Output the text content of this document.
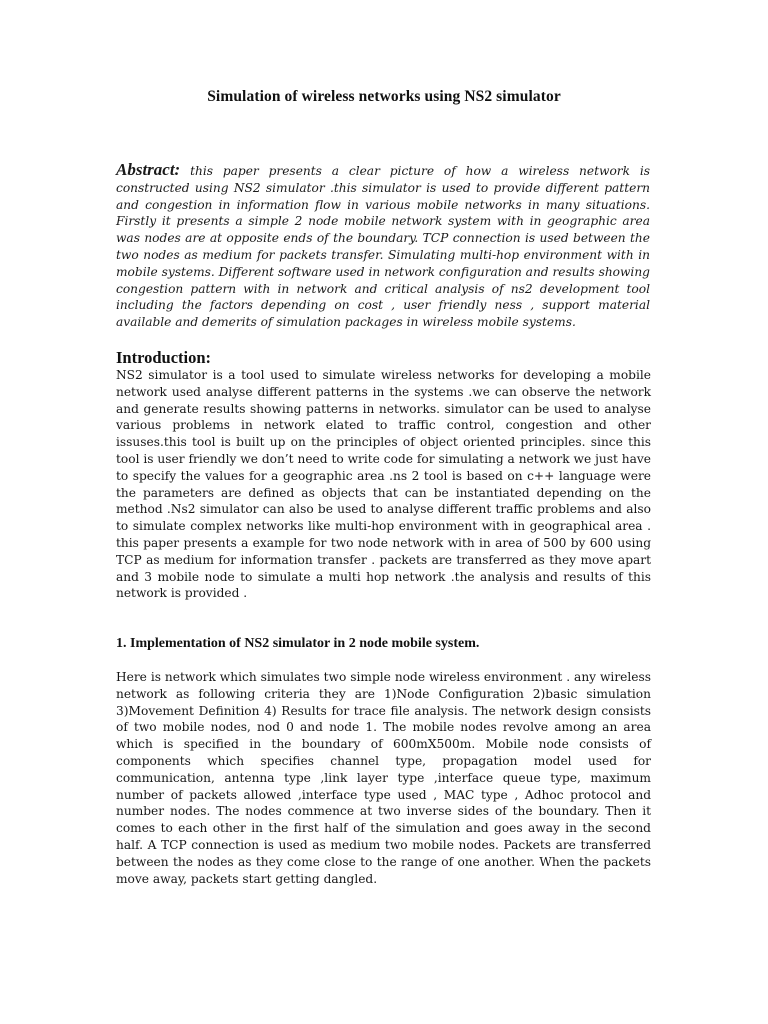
Simulation of wireless networks using NS2 simulator
Abstract: this paper presents a clear picture of how a wireless network is constructed using NS2 simulator .this simulator is used to provide different pattern and congestion in information flow in various mobile networks in many situations. Firstly it presents a simple 2 node mobile network system with in geographic area was nodes are at opposite ends of the boundary. TCP connection is used between the two nodes as medium for packets transfer. Simulating multi-hop environment with in mobile systems. Different software used in network configuration and results showing congestion pattern with in network and critical analysis of ns2 development tool including the factors depending on cost , user friendly ness , support material available and demerits of simulation packages in wireless mobile systems.
Introduction:
NS2 simulator is a tool used to simulate wireless networks for developing a mobile network used analyse different patterns in the systems .we can observe the network and generate results showing patterns in networks. simulator can be used to analyse various problems in network elated to traffic control, congestion and other issuses.this tool is built up on the principles of object oriented principles. since this tool is user friendly we don’t need to write code for simulating a network we just have to specify the values for a geographic area .ns 2 tool is based on c++ language were the parameters are defined as objects that can be instantiated depending on the method .Ns2 simulator can also be used to analyse different traffic problems and also to simulate complex networks like multi-hop environment with in geographical area . this paper presents a example for two node network with in area of 500 by 600 using TCP as medium for information transfer . packets are transferred as they move apart and 3 mobile node to simulate a multi hop network .the analysis and results of this network is provided .
1. Implementation of NS2 simulator in 2 node mobile system.
Here is network which simulates two simple node wireless environment . any wireless network as following criteria they are 1)Node Configuration 2)basic simulation 3)Movement Definition 4) Results for trace file analysis. The network design consists of two mobile nodes, nod 0 and node 1. The mobile nodes revolve among an area which is specified in the boundary of 600mX500m. Mobile node consists of components which specifies channel type, propagation model used for communication, antenna type ,link layer type ,interface queue type, maximum number of packets allowed ,interface type used , MAC type , Adhoc protocol and number nodes. The nodes commence at two inverse sides of the boundary. Then it comes to each other in the first half of the simulation and goes away in the second half. A TCP connection is used as medium two mobile nodes. Packets are transferred between the nodes as they come close to the range of one another. When the packets move away, packets start getting dangled.
